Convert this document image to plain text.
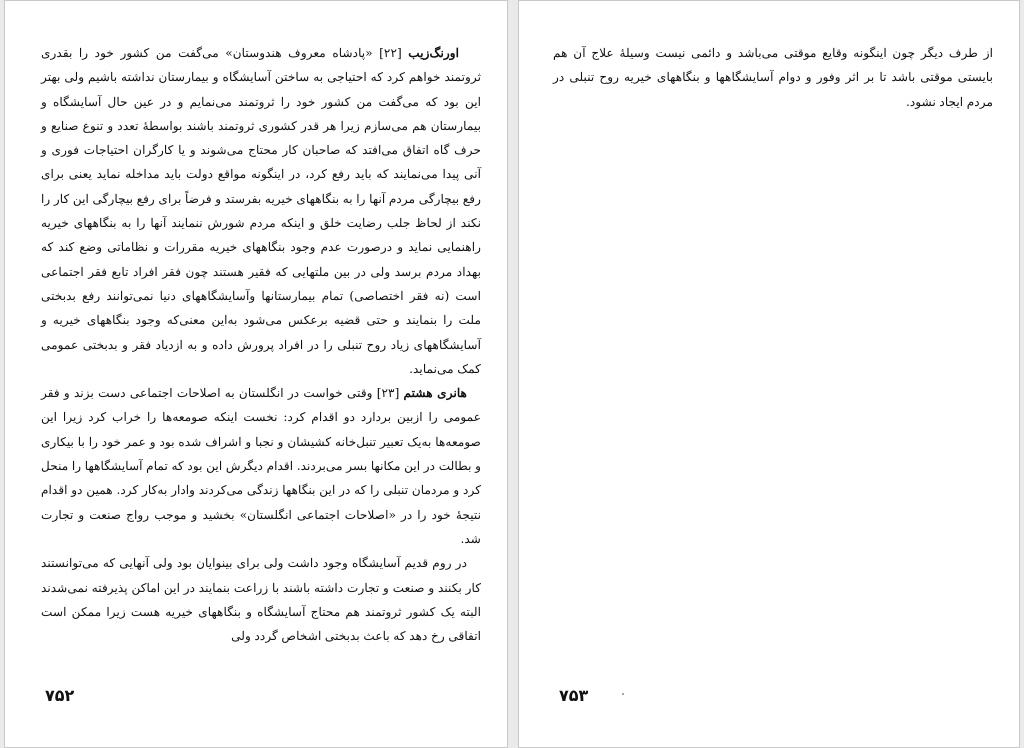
اورنگ‌زیب [۲۲] «پادشاه معروف هندوستان» می‌گفت من کشور خود را بقدری ثروتمند خواهم کرد که احتیاجی به ساختن آسایشگاه و بیمارستان نداشته باشیم ولی بهتر این بود که می‌گفت من کشور خود را ثروتمند می‌نمایم و در عین حال آسایشگاه و بیمارستان هم می‌سازم زیرا هر قدر کشوری ثروتمند باشند بواسطهٔ تعدد و تنوع صنایع و حرف گاه اتفاق می‌افتد که صاحبان کار محتاج می‌شوند و یا کارگران احتیاجات فوری و آنی پیدا می‌نمایند که باید رفع کرد، در اینگونه مواقع دولت باید مداخله نماید یعنی برای رفع بیچارگی مردم آنها را به بنگاههای خیریه بفرستد و فرضاً برای رفع بیچارگی این کار را نکند از لحاظ جلب رضایت خلق و اینکه مردم شورش ننمایند آنها را به بنگاههای خیریه راهنمایی نماید و درصورت عدم وجود بنگاههای خیریه مقررات و نظاماتی وضع کند که بهداد مردم برسد ولی در بین ملتهایی که فقیر هستند چون فقر افراد تابع فقر اجتماعی است (نه فقر اختصاصی) تمام بیمارستانها وآسایشگاههای دنیا نمی‌توانند رفع بدبختی ملت را بنمایند و حتی قضیه برعکس می‌شود به‌این معنی‌که وجود بنگاههای خیریه و آسایشگاههای زیاد روح تنبلی را در افراد پرورش داده و به ازدیاد فقر و بدبختی عمومی کمک می‌نماید.

هانری هشتم [۲۳] وقتی خواست در انگلستان به اصلاحات اجتماعی دست بزند و فقر عمومی را ازبین بردارد دو اقدام کرد: نخست اینکه صومعه‌ها را خراب کرد زیرا این صومعه‌ها به‌یک تعبیر تنبل‌خانه کشیشان و نجبا و اشراف شده بود و عمر خود را با بیکاری و بطالت در این مکانها بسر می‌بردند. اقدام دیگرش این بود که تمام آسایشگاهها را منحل کرد و مردمان تنبلی را که در این بنگاهها زندگی می‌کردند وادار به‌کار کرد. همین دو اقدام نتیجهٔ خود را در «اصلاحات اجتماعی انگلستان» بخشید و موجب رواج صنعت و تجارت شد.

در روم قدیم آسایشگاه وجود داشت ولی برای بینوایان بود ولی آنهایی که می‌توانستند کار بکنند و صنعت و تجارت داشته باشند با زراعت بنمایند در این اماکن پذیرفته نمی‌شدند البته یک کشور ثروتمند هم محتاج آسایشگاه و بنگاههای خیریه هست زیرا ممکن است اتفاقی رخ دهد که باعث بدبختی اشخاص گردد ولی

۷۵۲

از طرف دیگر چون اینگونه وقایع موقتی می‌باشد و دائمی نیست وسیلهٔ علاج آن هم بایستی موقتی باشد تا بر اثر وفور و دوام آسایشگاهها و بنگاههای خیریه روح تنبلی در مردم ایجاد نشود.

۷۵۳
